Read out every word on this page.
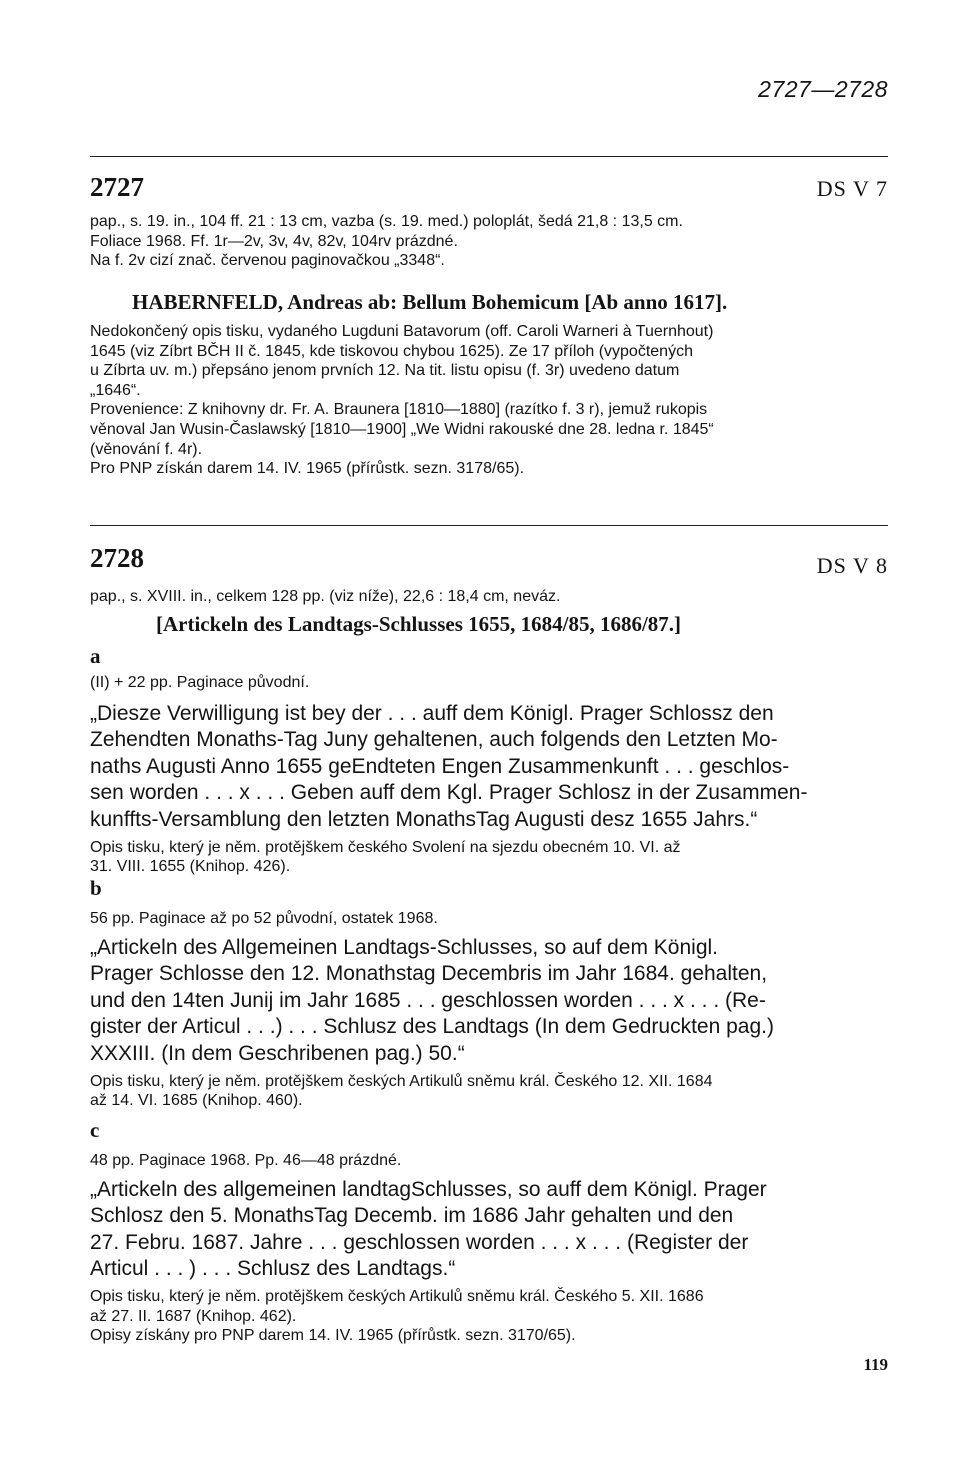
2727—2728
2727	DS V 7

pap., s. 19. in., 104 ff. 21 : 13 cm, vazba (s. 19. med.) poloplát, šedá 21,8 : 13,5 cm.

Foliace 1968. Ff. 1r—2v, 3v, 4v, 82v, 104rv prázdné.

Na f. 2v cizí znač. červenou paginovačkou „3348“.

HABERNFELD, Andreas ab: Bellum Bohemicum [Ab anno 1617].

Nedokončený opis tisku, vydaného Lugduni Batavorum (off. Caroli Warneri à Tuernhout)

1645 (viz Zíbrt BČH II č. 1845, kde tiskovou chybou 1625). Ze 17 příloh (vypočtených

u Zíbrta uv. m.) přepsáno jenom prvních 12. Na tit. listu opisu (f. 3r) uvedeno datum

„1646“.

Provenience: Z knihovny dr. Fr. A. Braunera [1810—1880] (razítko f. 3 r), jemuž rukopis

věnoval Jan Wusin-Časlawský [1810—1900] „We Widni rakouské dne 28. ledna r. 1845“

(věnování f. 4r).

Pro PNP získán darem 14. IV. 1965 (přírůstk. sezn. 3178/65).

2728	DS V 8

pap., s. XVIII. in., celkem 128 pp. (viz níže), 22,6 : 18,4 cm, neváz.

[Artickeln des Landtags-Schlusses 1655, 1684/85, 1686/87.]

a

(II) + 22 pp. Paginace původní.

„Diesze Verwilligung ist bey der . . . auff dem Königl. Prager Schlossz den

Zehendten Monaths-Tag Juny gehaltenen, auch folgends den Letzten Mo-

naths Augusti Anno 1655 geEndteten Engen Zusammenkunft . . . geschlos-

sen worden . . . x . . . Geben auff dem Kgl. Prager Schlosz in der Zusammen-

kunffts-Versamblung den letzten MonathsTag Augusti desz 1655 Jahrs.“

Opis tisku, který je něm. protějškem českého Svolení na sjezdu obecném 10. VI. až

31. VIII. 1655 (Knihop. 426).

b

56 pp. Paginace až po 52 původní, ostatek 1968.

„Artickeln des Allgemeinen Landtags-Schlusses, so auf dem Königl.

Prager Schlosse den 12. Monathstag Decembris im Jahr 1684. gehalten,

und den 14ten Junij im Jahr 1685 . . . geschlossen worden . . . x . . . (Re-

gister der Articul . . .) . . . Schlusz des Landtags (In dem Gedruckten pag.)

XXXIII. (In dem Geschribenen pag.) 50.“

Opis tisku, který je něm. protějškem českých Artikulů sněmu král. Českého 12. XII. 1684

až 14. VI. 1685 (Knihop. 460).

c

48 pp. Paginace 1968. Pp. 46—48 prázdné.

„Artickeln des allgemeinen landtagSchlusses, so auff dem Königl. Prager

Schlosz den 5. MonathsTag Decemb. im 1686 Jahr gehalten und den

27. Febru. 1687. Jahre . . . geschlossen worden . . . x . . . (Register der

Articul . . . ) . . . Schlusz des Landtags.“

Opis tisku, který je něm. protějškem českých Artikulů sněmu král. Českého 5. XII. 1686

až 27. II. 1687 (Knihop. 462).

Opisy získány pro PNP darem 14. IV. 1965 (přírůstk. sezn. 3170/65).

119
